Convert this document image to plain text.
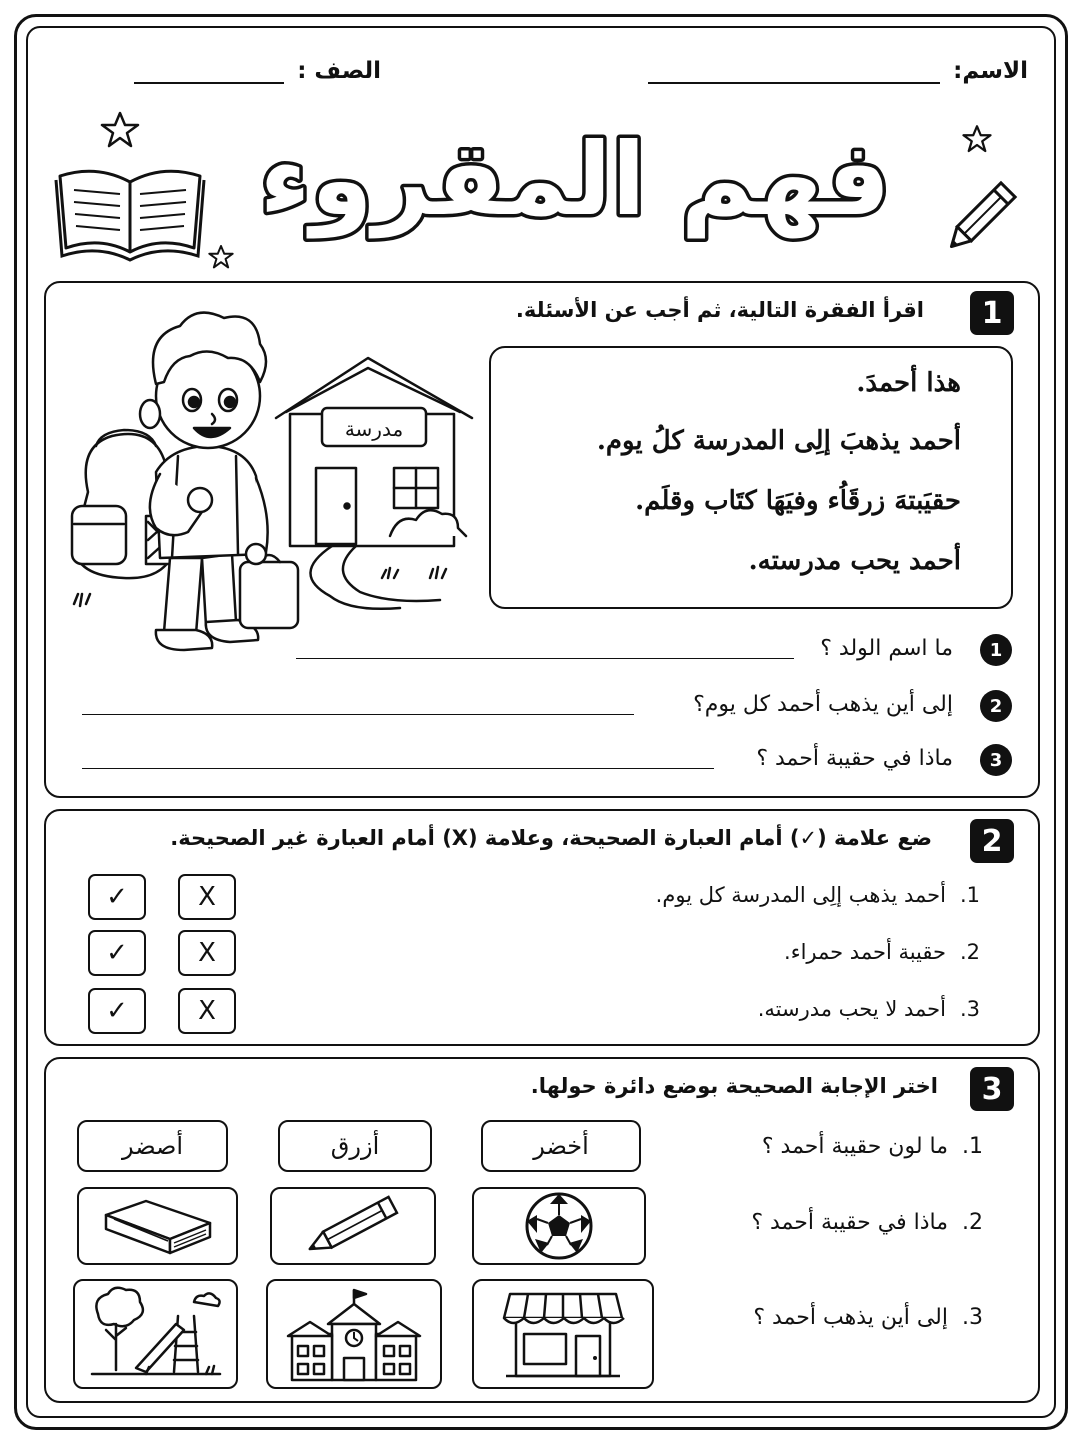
الاسم:
الصف :
فهم المقروء
1
اقرأ الفقرة التالية، ثم أجب عن الأسئلة.
مدرسة
هذا أحمدَ.
أحمد يذهبَ إلِى المدرسة كلُ يوم.
حقيَبتهَ زرقَاُء وفيَهَا كتَاب وقلَم.
أحمد يحب مدرسته.
1
ما اسم الولد ؟
2
إلى أين يذهب أحمد كل يوم؟
3
ماذا في حقيبة أحمد ؟
2
ضع علامة (✓) أمام العبارة الصحيحة، وعلامة (X) أمام العبارة غير الصحيحة.
أحمد يذهب إلِى المدرسة كل يوم. 1.
X
✓
حقيبة أحمد حمراء. 2.
X
✓
أحمد لا يحب مدرسته. 3.
X
✓
3
اختر الإجابة الصحيحة بوضع دائرة حولها.
ما لون حقيبة أحمد ؟ 1.
أخضر
أزرق
أصضر
ماذا في حقيبة أحمد ؟ 2.
إلى أين يذهب أحمد ؟ 3.
